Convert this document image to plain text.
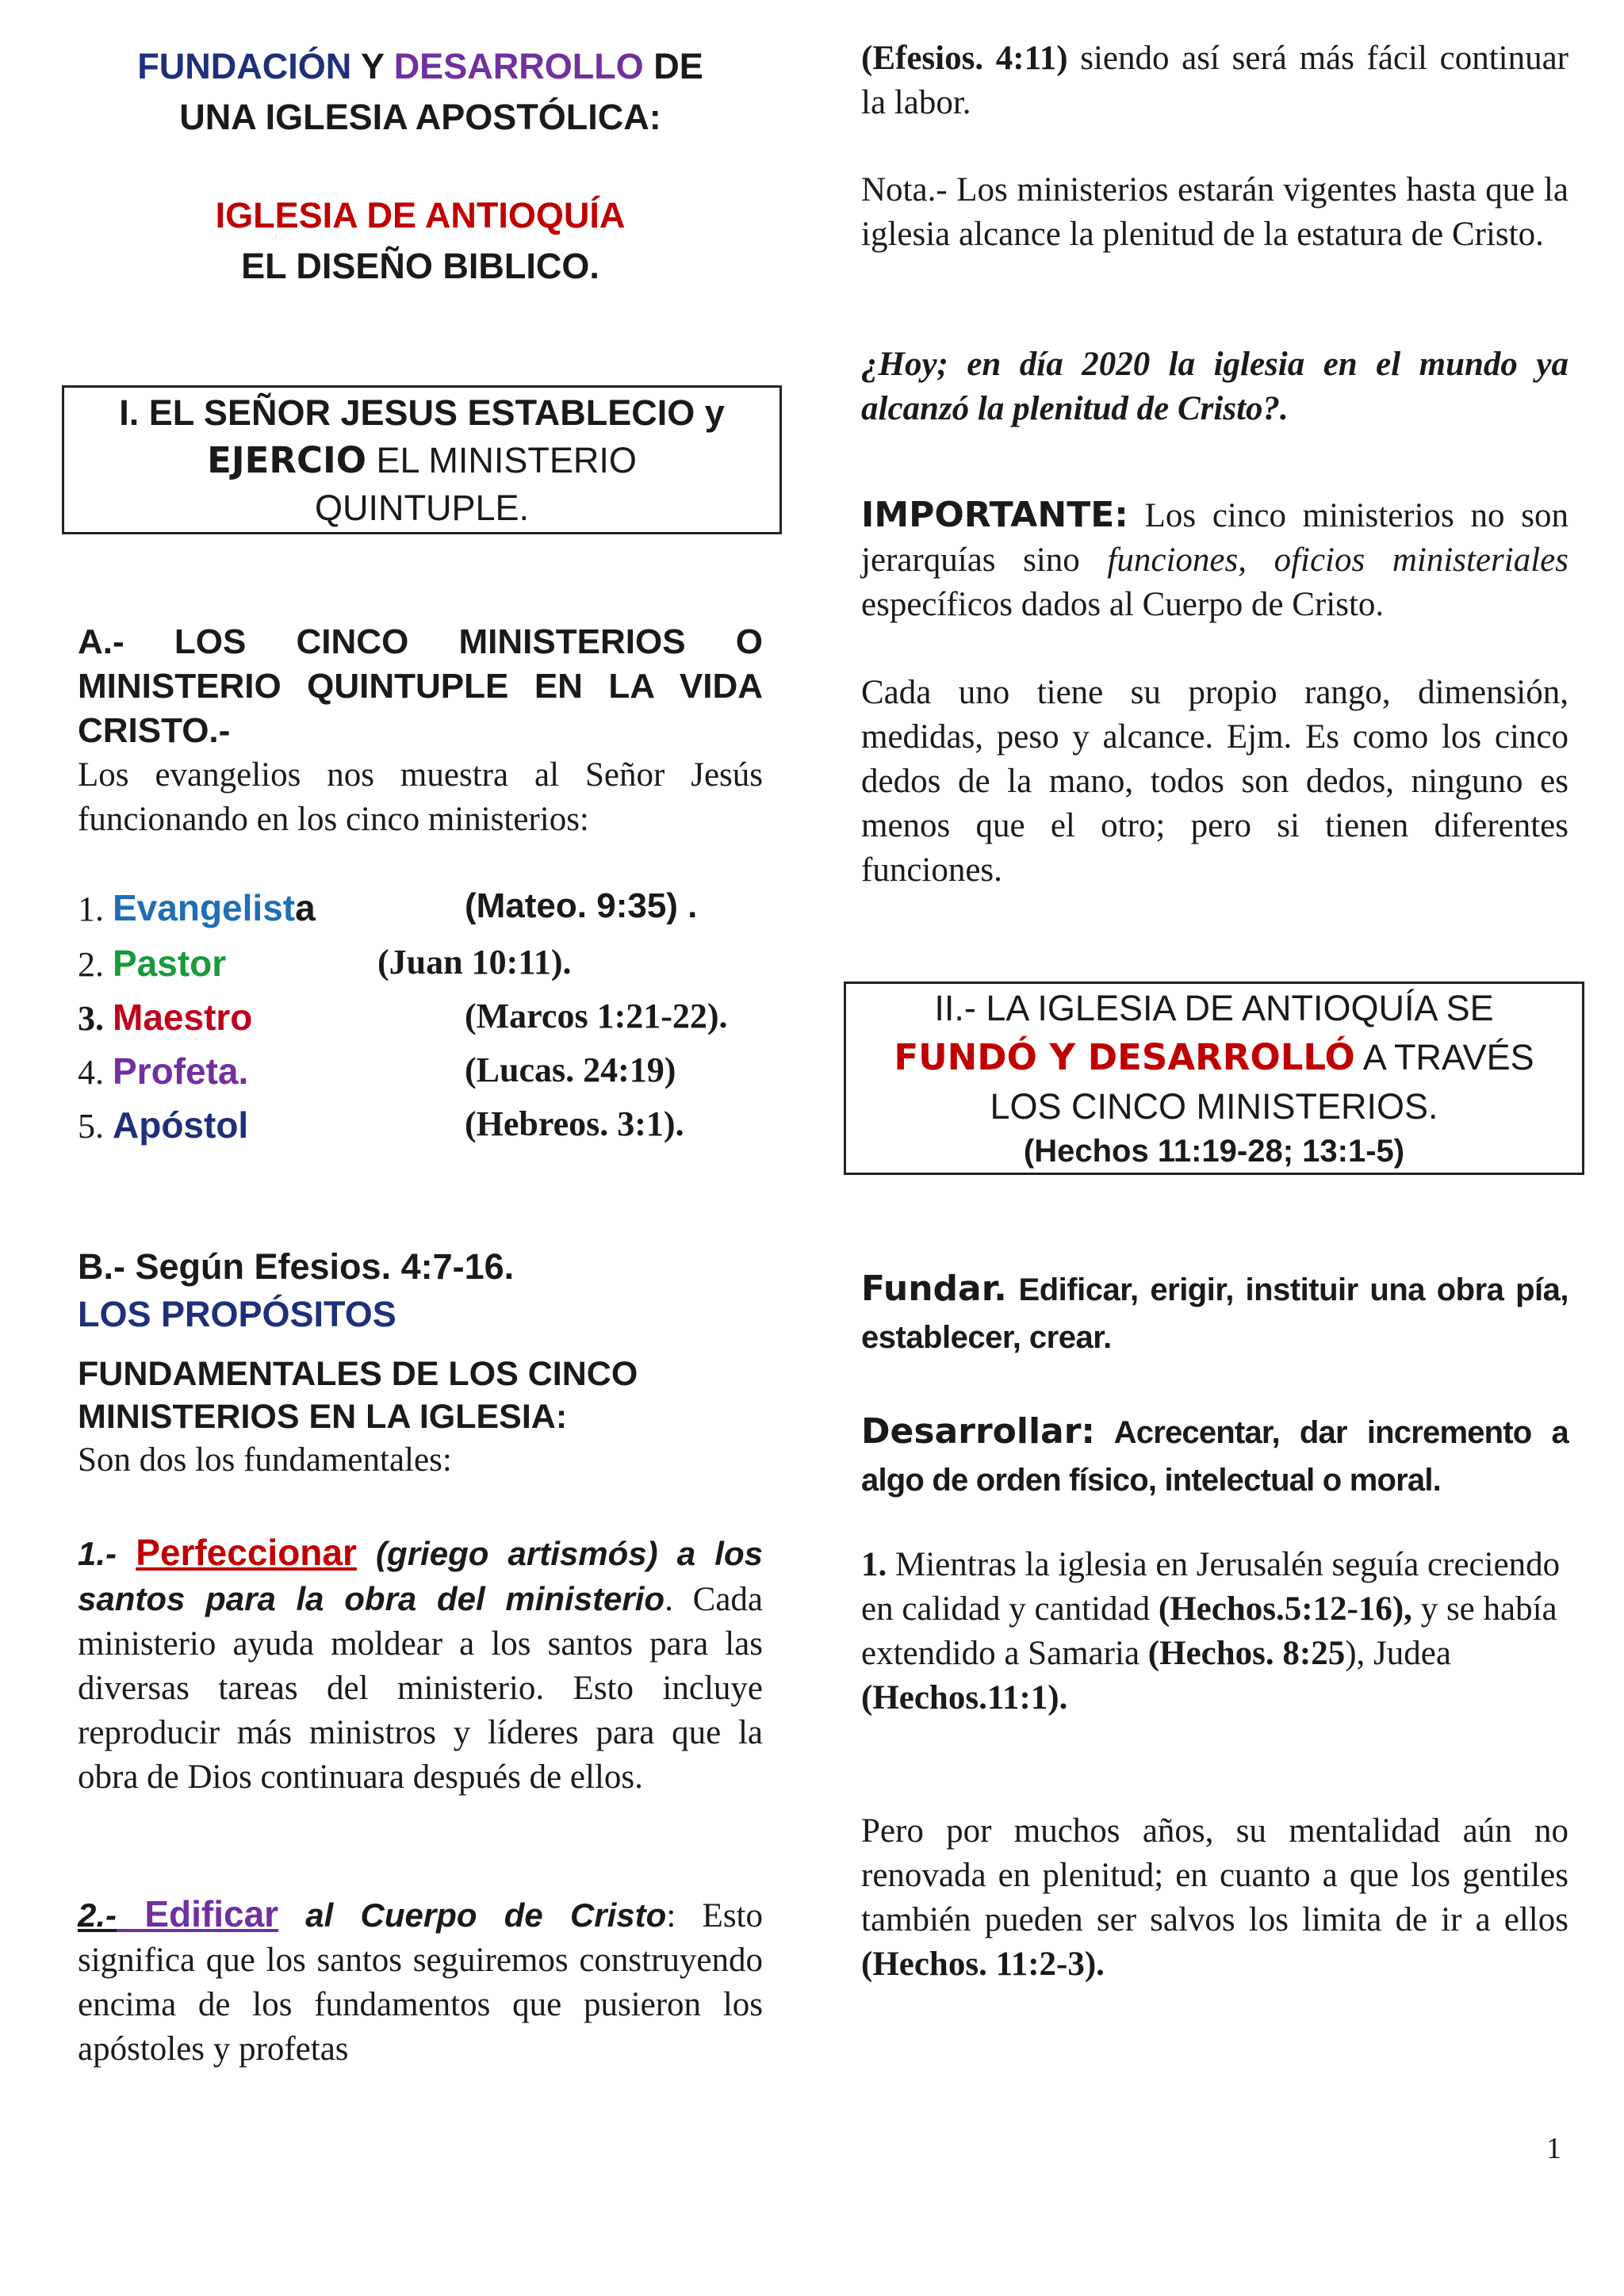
FUNDACIÓN Y DESARROLLO DE
UNA IGLESIA APOSTÓLICA:
IGLESIA DE ANTIOQUÍA
EL DISEÑO BIBLICO.
I. EL SEÑOR JESUS ESTABLECIO y
EJERCIO EL MINISTERIO
QUINTUPLE.
A.- LOS CINCO MINISTERIOS O MINISTERIO QUINTUPLE EN LA VIDA CRISTO.-
Los evangelios nos muestra al Señor Jesús funcionando en los cinco ministerios:
1. Evangelista	(Mateo. 9:35) .
2. Pastor	(Juan 10:11).
3. Maestro	(Marcos 1:21-22).
4. Profeta.	(Lucas. 24:19)
5. Apóstol	(Hebreos. 3:1).
B.- Según Efesios. 4:7-16.
LOS PROPÓSITOS
FUNDAMENTALES DE LOS CINCO MINISTERIOS EN LA IGLESIA:
Son dos los fundamentales:
1.- Perfeccionar (griego artismós) a los santos para la obra del ministerio. Cada ministerio ayuda moldear a los santos para las diversas tareas del ministerio. Esto incluye reproducir más ministros y líderes para que la obra de Dios continuara después de ellos.
2.- Edificar al Cuerpo de Cristo: Esto significa que los santos seguiremos construyendo encima de los fundamentos que pusieron los apóstoles y profetas
(Efesios. 4:11) siendo así será más fácil continuar la labor.
Nota.- Los ministerios estarán vigentes hasta que la iglesia alcance la plenitud de la estatura de Cristo.
¿Hoy; en día 2020 la iglesia en el mundo ya alcanzó la plenitud de Cristo?.
IMPORTANTE: Los cinco ministerios no son jerarquías sino funciones, oficios ministeriales específicos dados al Cuerpo de Cristo.
Cada uno tiene su propio rango, dimensión, medidas, peso y alcance. Ejm. Es como los cinco dedos de la mano, todos son dedos, ninguno es menos que el otro; pero si tienen diferentes funciones.
II.- LA IGLESIA DE ANTIOQUÍA SE
FUNDÓ Y DESARROLLÓ A TRAVÉS
LOS CINCO MINISTERIOS.
(Hechos 11:19-28; 13:1-5)
Fundar. Edificar, erigir, instituir una obra pía, establecer, crear.
Desarrollar: Acrecentar, dar incremento a algo de orden físico, intelectual o moral.
1. Mientras la iglesia en Jerusalén seguía creciendo en calidad y cantidad (Hechos.5:12-16), y se había extendido a Samaria (Hechos. 8:25), Judea (Hechos.11:1).
Pero por muchos años, su mentalidad aún no renovada en plenitud; en cuanto a que los gentiles también pueden ser salvos los limita de ir a ellos (Hechos. 11:2-3).
1
